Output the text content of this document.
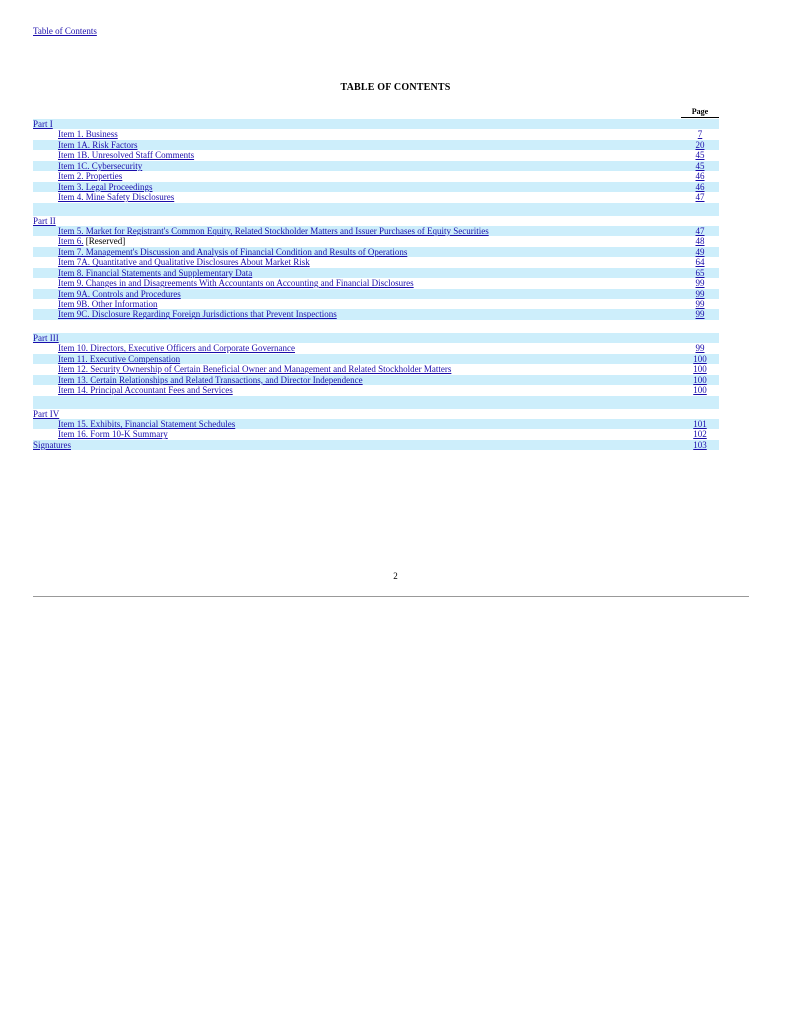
Table of Contents
TABLE OF CONTENTS
Page
Part I
Item 1. Business	7
Item 1A. Risk Factors	20
Item 1B. Unresolved Staff Comments	45
Item 1C. Cybersecurity	45
Item 2. Properties	46
Item 3. Legal Proceedings	46
Item 4. Mine Safety Disclosures	47
Part II
Item 5. Market for Registrant's Common Equity, Related Stockholder Matters and Issuer Purchases of Equity Securities	47
Item 6. [Reserved]	48
Item 7. Management's Discussion and Analysis of Financial Condition and Results of Operations	49
Item 7A. Quantitative and Qualitative Disclosures About Market Risk	64
Item 8. Financial Statements and Supplementary Data	65
Item 9. Changes in and Disagreements With Accountants on Accounting and Financial Disclosures	99
Item 9A. Controls and Procedures	99
Item 9B. Other Information	99
Item 9C. Disclosure Regarding Foreign Jurisdictions that Prevent Inspections	99
Part III
Item 10. Directors, Executive Officers and Corporate Governance	99
Item 11. Executive Compensation	100
Item 12. Security Ownership of Certain Beneficial Owner and Management and Related Stockholder Matters	100
Item 13. Certain Relationships and Related Transactions, and Director Independence	100
Item 14. Principal Accountant Fees and Services	100
Part IV
Item 15. Exhibits, Financial Statement Schedules	101
Item 16. Form 10-K Summary	102
Signatures	103
2
